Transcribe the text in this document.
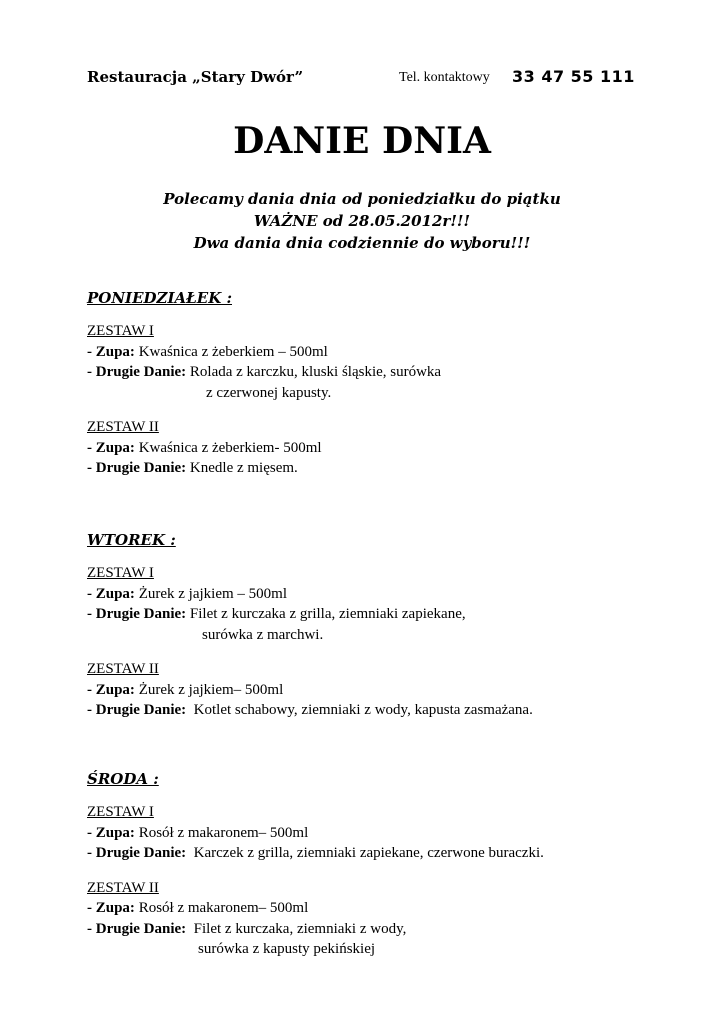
Restauracja „Stary Dwór”	Tel. kontaktowy 33 47 55 111
DANIE DNIA
Polecamy dania dnia od poniedziałku do piątku
WAŻNE od 28.05.2012r!!!
Dwa dania dnia codziennie do wyboru!!!
PONIEDZIAŁEK :
ZESTAW I
- Zupa: Kwaśnica z żeberkiem – 500ml
- Drugie Danie: Rolada z karczku, kluski śląskie, surówka
z czerwonej kapusty.
ZESTAW II
- Zupa: Kwaśnica z żeberkiem- 500ml
- Drugie Danie: Knedle z mięsem.
WTOREK :
ZESTAW I
- Zupa: Żurek z jajkiem – 500ml
- Drugie Danie: Filet z kurczaka z grilla, ziemniaki zapiekane,
surówka z marchwi.
ZESTAW II
- Zupa: Żurek z jajkiem– 500ml
- Drugie Danie:  Kotlet schabowy, ziemniaki z wody, kapusta zasmażana.
ŚRODA :
ZESTAW I
- Zupa: Rosół z makaronem– 500ml
- Drugie Danie:  Karczek z grilla, ziemniaki zapiekane, czerwone buraczki.
ZESTAW II
- Zupa: Rosół z makaronem– 500ml
- Drugie Danie:  Filet z kurczaka, ziemniaki z wody,
surówka z kapusty pekińskiej
